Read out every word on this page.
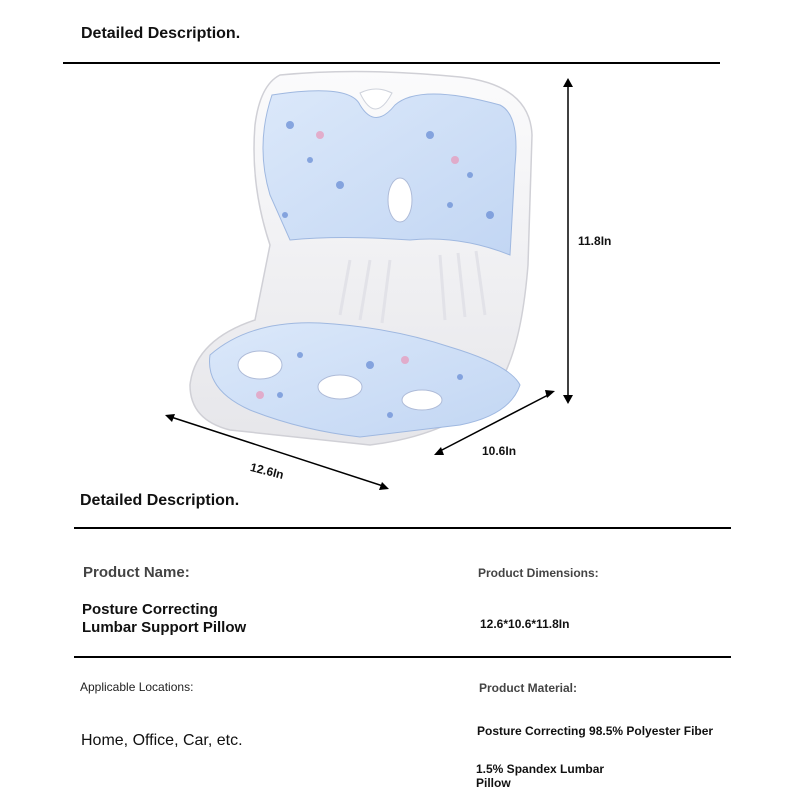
Detailed Description.
11.8In
12.6In
10.6In
Detailed Description.
Product Name:	Product Dimensions:
Posture Correcting
Lumbar Support Pillow	12.6*10.6*11.8In
Applicable Locations:	Product Material:
Home, Office, Car, etc.
Posture Correcting 98.5% Polyester Fiber
1.5% Spandex Lumbar
Pillow
